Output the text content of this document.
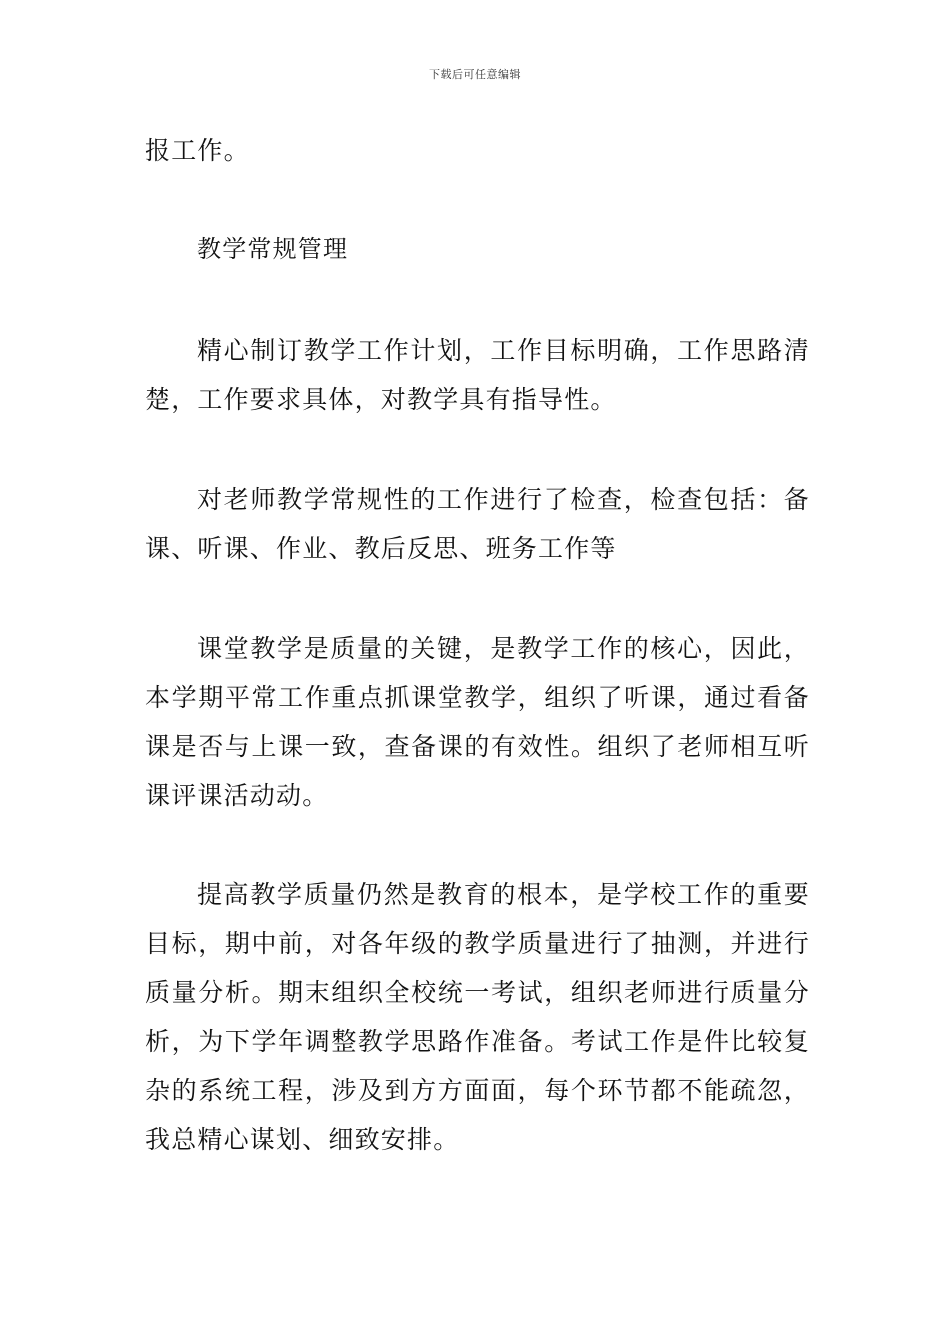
下载后可任意编辑

报工作。

教学常规管理

精心制订教学工作计划，工作目标明确，工作思路清楚，工作要求具体，对教学具有指导性。

对老师教学常规性的工作进行了检查，检查包括：备课、听课、作业、教后反思、班务工作等

课堂教学是质量的关键，是教学工作的核心，因此，本学期平常工作重点抓课堂教学，组织了听课，通过看备课是否与上课一致，查备课的有效性。组织了老师相互听课评课活动动。

提高教学质量仍然是教育的根本，是学校工作的重要目标，期中前，对各年级的教学质量进行了抽测，并进行质量分析。期末组织全校统一考试，组织老师进行质量分析，为下学年调整教学思路作准备。考试工作是件比较复杂的系统工程，涉及到方方面面，每个环节都不能疏忽，我总精心谋划、细致安排。
